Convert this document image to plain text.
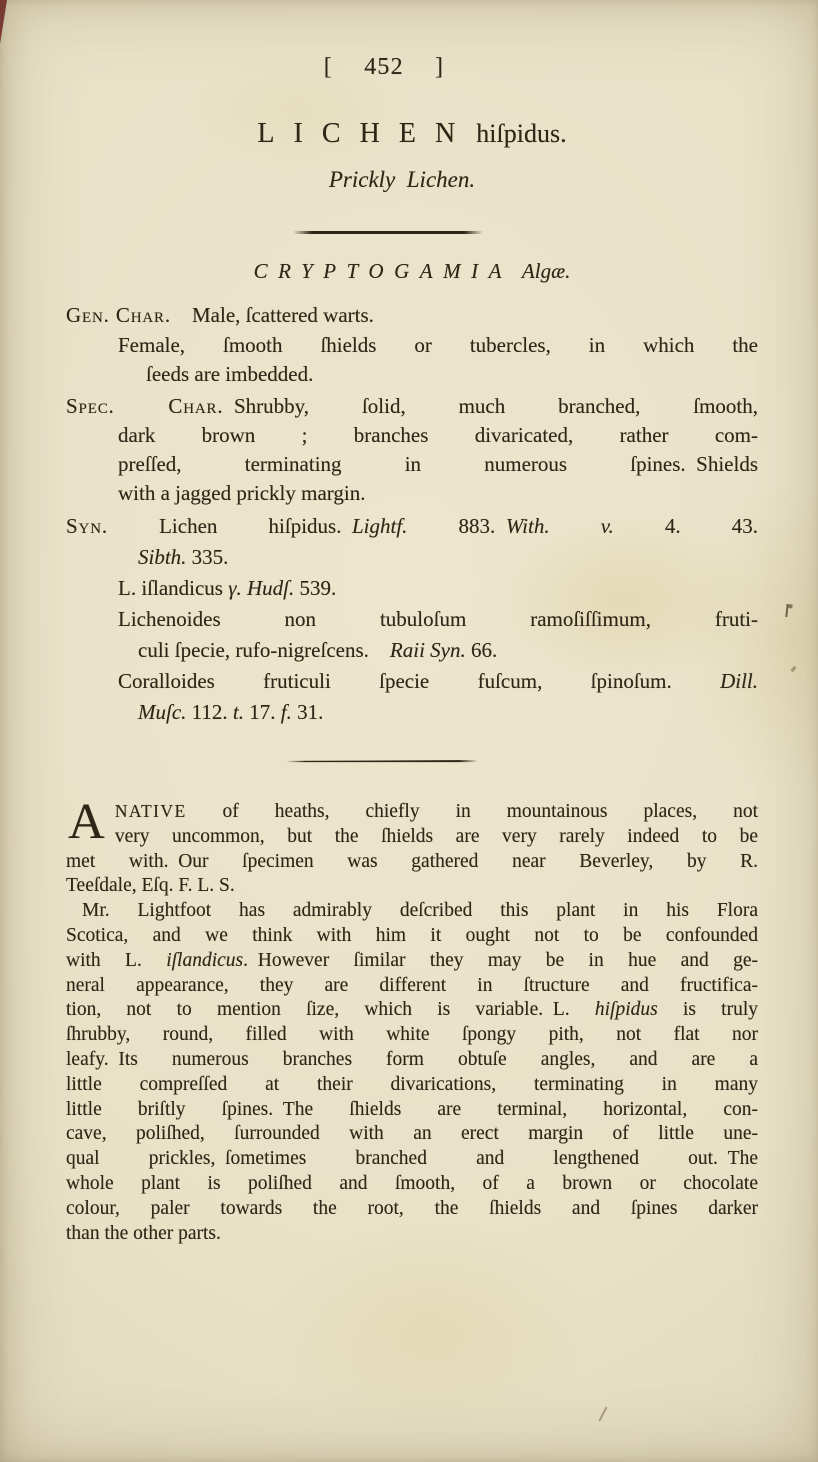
[ 452 ]
LICHENhiſpidus.
Prickly Lichen.
CRYPTOGAMIA Algæ.
Gen. Char. Male, ſcattered warts.
Female, ſmooth ſhields or tubercles, in which the
ſeeds are imbedded.
Spec. Char. Shrubby, ſolid, much branched, ſmooth,
dark brown ; branches divaricated, rather com-
preſſed, terminating in numerous ſpines. Shields
with a jagged prickly margin.
Syn. Lichen hiſpidus. Lightf. 883. With. v. 4. 43.
Sibth. 335.
L. iſlandicus γ. Hudſ. 539.
Lichenoides non tubuloſum ramoſiſſimum, fruti-
culi ſpecie, rufo-nigreſcens.  Raii Syn. 66.
Coralloides fruticuli ſpecie fuſcum, ſpinoſum. Dill.
Muſc. 112. t. 17. f. 31.
ANATIVE of heaths, chiefly in mountainous places, not
very uncommon, but the ſhields are very rarely indeed to be
met with. Our ſpecimen was gathered near Beverley, by R.
Teeſdale, Eſq. F. L. S.
Mr. Lightfoot has admirably deſcribed this plant in his Flora
Scotica, and we think with him it ought not to be confounded
with L. iſlandicus. However ſimilar they may be in hue and ge-
neral appearance, they are different in ſtructure and fructifica-
tion, not to mention ſize, which is variable. L. hiſpidus is truly
ſhrubby, round, filled with white ſpongy pith, not flat nor
leafy. Its numerous branches form obtuſe angles, and are a
little compreſſed at their divarications, terminating in many
little briſtly ſpines. The ſhields are terminal, horizontal, con-
cave, poliſhed, ſurrounded with an erect margin of little une-
qual prickles, ſometimes branched and lengthened out. The
whole plant is poliſhed and ſmooth, of a brown or chocolate
colour, paler towards the root, the ſhields and ſpines darker
than the other parts.
